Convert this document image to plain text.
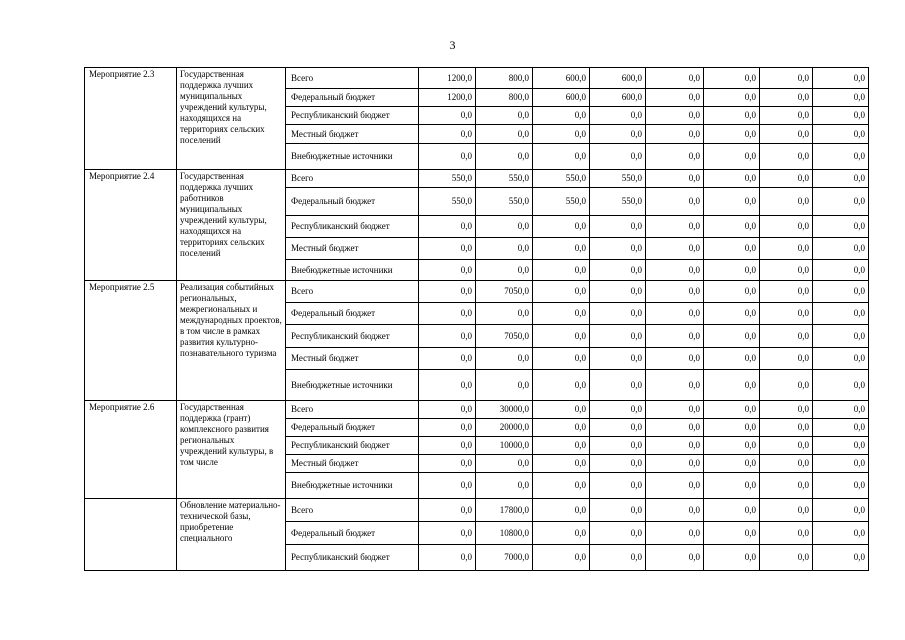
3
Мероприятие 2.3	Государственная поддержка лучших муниципальных учреждений культуры, находящихся на территориях сельских поселений	Всего	1200,0	800,0	600,0	600,0	0,0	0,0	0,0	0,0
		Федеральный бюджет	1200,0	800,0	600,0	600,0	0,0	0,0	0,0	0,0
		Республиканский бюджет	0,0	0,0	0,0	0,0	0,0	0,0	0,0	0,0
		Местный бюджет	0,0	0,0	0,0	0,0	0,0	0,0	0,0	0,0
		Внебюджетные источники	0,0	0,0	0,0	0,0	0,0	0,0	0,0	0,0
Мероприятие 2.4	Государственная поддержка лучших работников муниципальных учреждений культуры, находящихся на территориях сельских поселений	Всего	550,0	550,0	550,0	550,0	0,0	0,0	0,0	0,0
		Федеральный бюджет	550,0	550,0	550,0	550,0	0,0	0,0	0,0	0,0
		Республиканский бюджет	0,0	0,0	0,0	0,0	0,0	0,0	0,0	0,0
		Местный бюджет	0,0	0,0	0,0	0,0	0,0	0,0	0,0	0,0
		Внебюджетные источники	0,0	0,0	0,0	0,0	0,0	0,0	0,0	0,0
Мероприятие 2.5	Реализация событийных региональных, межрегиональных и международных проектов, в том числе в рамках развития культурно-познавательного туризма	Всего	0,0	7050,0	0,0	0,0	0,0	0,0	0,0	0,0
		Федеральный бюджет	0,0	0,0	0,0	0,0	0,0	0,0	0,0	0,0
		Республиканский бюджет	0,0	7050,0	0,0	0,0	0,0	0,0	0,0	0,0
		Местный бюджет	0,0	0,0	0,0	0,0	0,0	0,0	0,0	0,0
		Внебюджетные источники	0,0	0,0	0,0	0,0	0,0	0,0	0,0	0,0
Мероприятие 2.6	Государственная поддержка (грант) комплексного развития региональных учреждений культуры, в том числе	Всего	0,0	30000,0	0,0	0,0	0,0	0,0	0,0	0,0
		Федеральный бюджет	0,0	20000,0	0,0	0,0	0,0	0,0	0,0	0,0
		Республиканский бюджет	0,0	10000,0	0,0	0,0	0,0	0,0	0,0	0,0
		Местный бюджет	0,0	0,0	0,0	0,0	0,0	0,0	0,0	0,0
		Внебюджетные источники	0,0	0,0	0,0	0,0	0,0	0,0	0,0	0,0

	Обновление материально-технической базы, приобретение специального	Всего	0,0	17800,0	0,0	0,0	0,0	0,0	0,0	0,0
		Федеральный бюджет	0,0	10800,0	0,0	0,0	0,0	0,0	0,0	0,0
		Республиканский бюджет	0,0	7000,0	0,0	0,0	0,0	0,0	0,0	0,0
